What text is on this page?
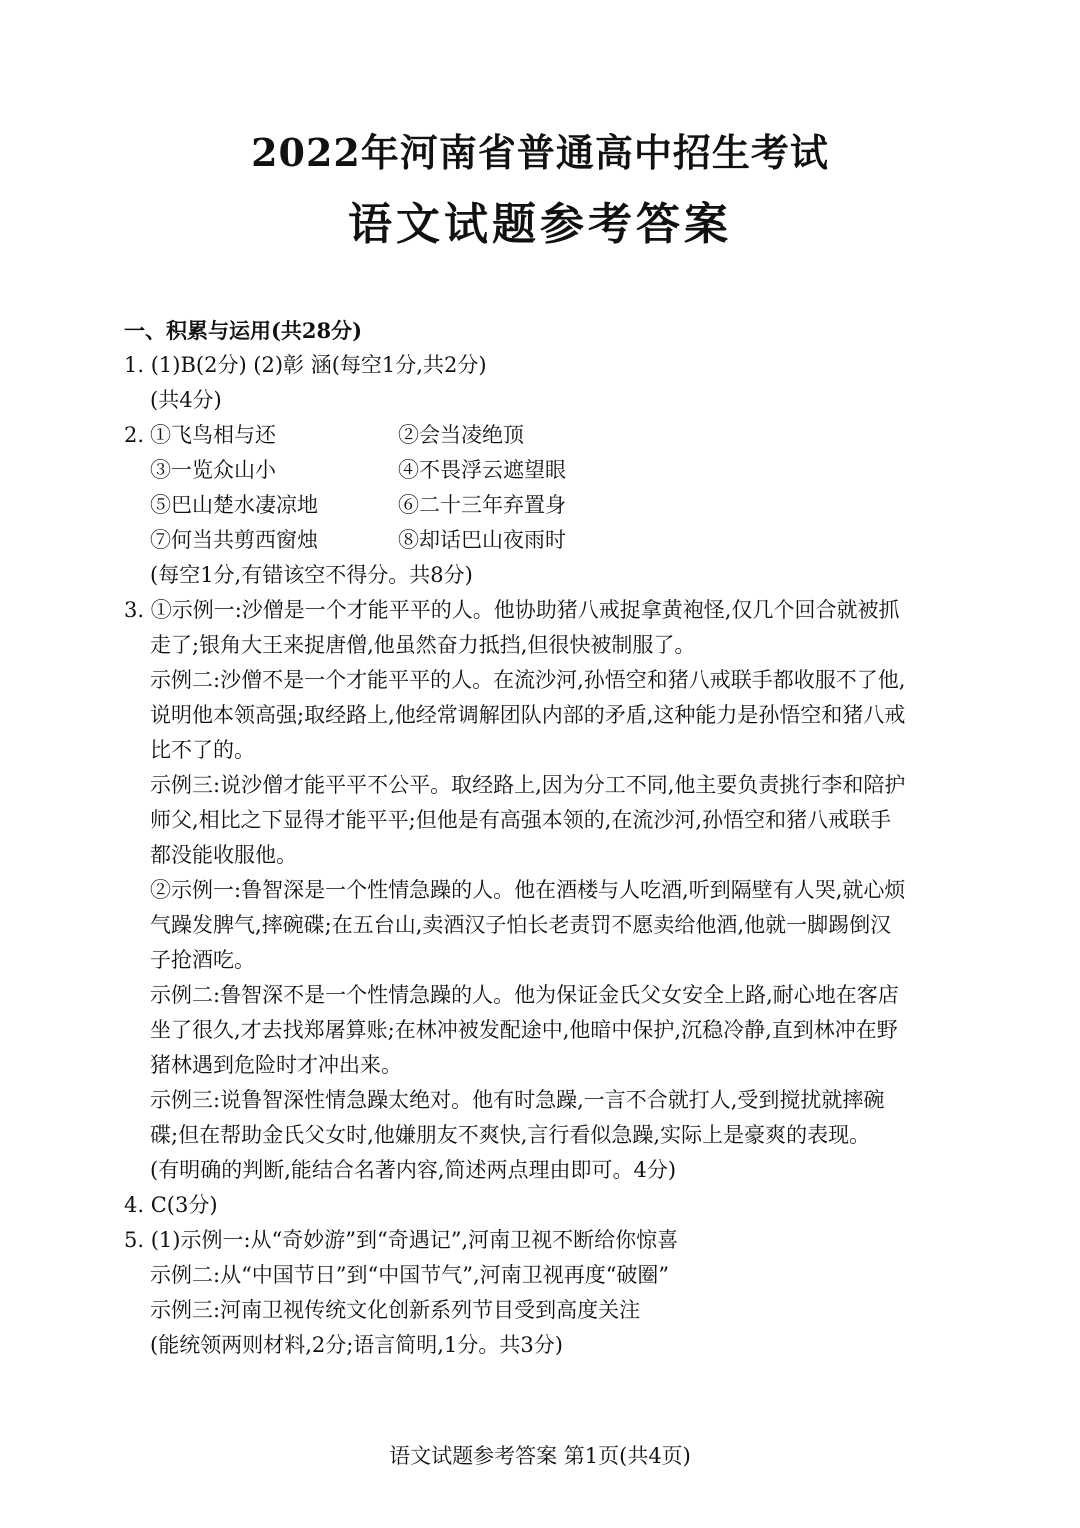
2022年河南省普通高中招生考试
语文试题参考答案
一、积累与运用(共28分)
1. (1)B(2分) (2)彰 涵(每空1分,共2分)
(共4分)
2. ①飞鸟相与还	②会当凌绝顶
③一览众山小	④不畏浮云遮望眼
⑤巴山楚水凄凉地	⑥二十三年弃置身
⑦何当共剪西窗烛	⑧却话巴山夜雨时
(每空1分,有错该空不得分。共8分)
3. ①示例一:沙僧是一个才能平平的人。他协助猪八戒捉拿黄袍怪,仅几个回合就被抓
走了;银角大王来捉唐僧,他虽然奋力抵挡,但很快被制服了。
示例二:沙僧不是一个才能平平的人。在流沙河,孙悟空和猪八戒联手都收服不了他,
说明他本领高强;取经路上,他经常调解团队内部的矛盾,这种能力是孙悟空和猪八戒
比不了的。
示例三:说沙僧才能平平不公平。取经路上,因为分工不同,他主要负责挑行李和陪护
师父,相比之下显得才能平平;但他是有高强本领的,在流沙河,孙悟空和猪八戒联手
都没能收服他。
②示例一:鲁智深是一个性情急躁的人。他在酒楼与人吃酒,听到隔壁有人哭,就心烦
气躁发脾气,摔碗碟;在五台山,卖酒汉子怕长老责罚不愿卖给他酒,他就一脚踢倒汉
子抢酒吃。
示例二:鲁智深不是一个性情急躁的人。他为保证金氏父女安全上路,耐心地在客店
坐了很久,才去找郑屠算账;在林冲被发配途中,他暗中保护,沉稳冷静,直到林冲在野
猪林遇到危险时才冲出来。
示例三:说鲁智深性情急躁太绝对。他有时急躁,一言不合就打人,受到搅扰就摔碗
碟;但在帮助金氏父女时,他嫌朋友不爽快,言行看似急躁,实际上是豪爽的表现。
(有明确的判断,能结合名著内容,简述两点理由即可。4分)
4. C(3分)
5. (1)示例一:从“奇妙游”到“奇遇记”,河南卫视不断给你惊喜
示例二:从“中国节日”到“中国节气”,河南卫视再度“破圈”
示例三:河南卫视传统文化创新系列节目受到高度关注
(能统领两则材料,2分;语言简明,1分。共3分)
语文试题参考答案 第1页(共4页)
